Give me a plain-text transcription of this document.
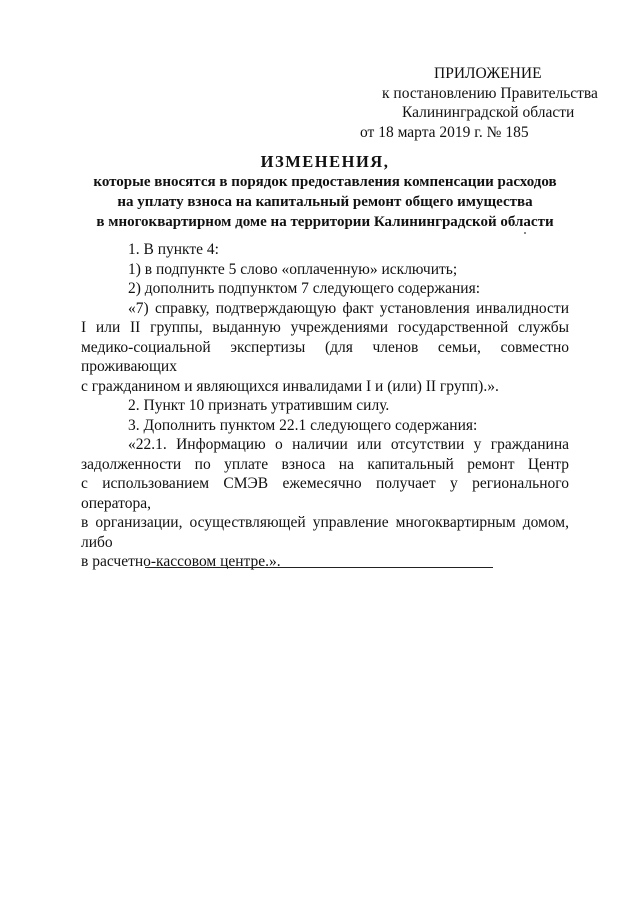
ПРИЛОЖЕНИЕ
к постановлению Правительства
Калининградской области
от 18 марта 2019 г. № 185
ИЗМЕНЕНИЯ,
которые вносятся в порядок предоставления компенсации расходов
на уплату взноса на капитальный ремонт общего имущества
в многоквартирном доме на территории Калининградской области
1. В пункте 4:
1) в подпункте 5 слово «оплаченную» исключить;
2) дополнить подпунктом 7 следующего содержания:
«7) справку, подтверждающую факт установления инвалидности
I или II группы, выданную учреждениями государственной службы
медико-социальной экспертизы (для членов семьи, совместно проживающих
с гражданином и являющихся инвалидами I и (или) II групп).».
2. Пункт 10 признать утратившим силу.
3. Дополнить пунктом 22.1 следующего содержания:
«22.1. Информацию о наличии или отсутствии у гражданина
задолженности по уплате взноса на капитальный ремонт Центр
с использованием СМЭВ ежемесячно получает у регионального оператора,
в организации, осуществляющей управление многоквартирным домом, либо
в расчетно-кассовом центре.».
